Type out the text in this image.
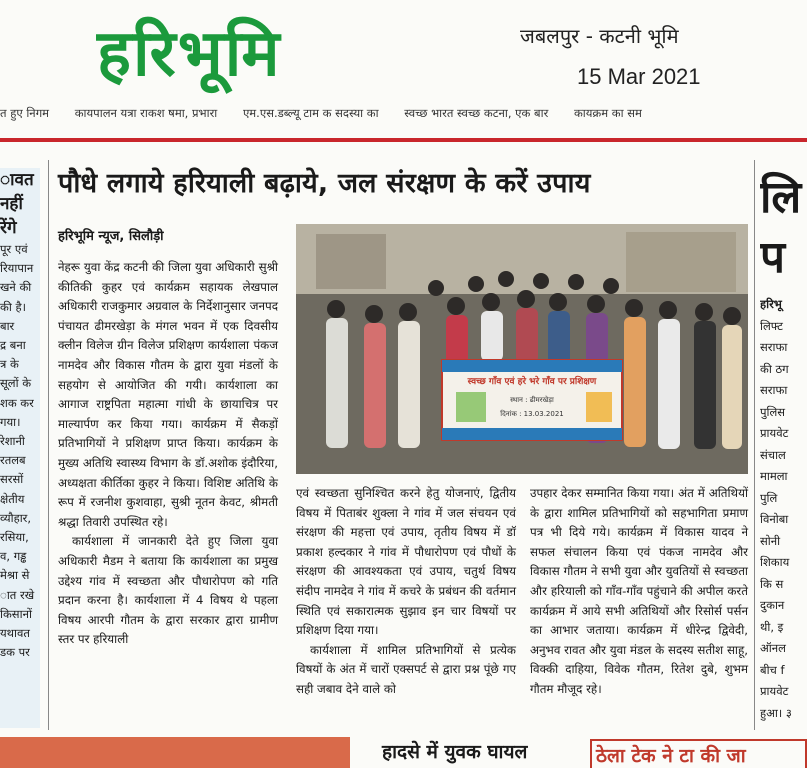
हरिभूमि	जबलपुर - कटनी भूमि
15 Mar 2021
त हुए निगम कायपालन यत्रा राकश षमा, प्रभारा एम.एस.डब्ल्यू टाम क सदस्या का स्वच्छ भारत स्वच्छ कटना, एक बार कायक्रम का सम
ावत
नहीं
रेंगे
पूर एवं
रियापान
खने की
की है।
बार
द्र बना
त्र के
सूलों के
शक कर
गया।
रेशानी
रतलब
सरसों
क्षेतीय
व्यौहार,
रसिया,
व, गड्ढ
मेश्रा से
ात रखे
किसानों
यथावत
डक पर
पौधे लगाये हरियाली बढ़ाये, जल संरक्षण के करें उपाय
हरिभूमि न्यूज, सिलौड़ी

नेहरू युवा केंद्र कटनी की जिला युवा अधिकारी सुश्री कीतिकी कुहर एवं कार्यक्रम सहायक लेखपाल अधिकारी राजकुमार अग्रवाल के निर्देशानुसार जनपद पंचायत ढीमरखेड़ा के मंगल भवन में एक दिवसीय क्लीन विलेज ग्रीन विलेज प्रशिक्षण कार्यशाला पंकज नामदेव और विकास गौतम के द्वारा युवा मंडलों के सहयोग से आयोजित की गयी। कार्यशाला का आगाज राष्ट्रपिता महात्मा गांधी के छायाचित्र पर माल्यार्पण कर किया गया। कार्यक्रम में सैकड़ों प्रतिभागियों ने प्रशिक्षण प्राप्त किया। कार्यक्रम के मुख्य अतिथि स्वास्थ्य विभाग के डॉ.अशोक इंदौरिया, अध्यक्षता कीर्तिका कुहर ने किया। विशिष्ट अतिथि के रूप में रजनीश कुशवाहा, सुश्री नूतन केवट, श्रीमती श्रद्धा तिवारी उपस्थित रहे।

कार्यशाला में जानकारी देते हुए जिला युवा अधिकारी मैडम ने बताया कि कार्यशाला का प्रमुख उद्देश्य गांव में स्वच्छता और पौधारोपण को गति प्रदान करना है। कार्यशाला में 4 विषय थे पहला विषय आरपी गौतम के द्वारा सरकार द्वारा ग्रामीण स्तर पर हरियाली

स्वच्छ गाँव एवं हरे भरे गाँव पर प्रशिक्षण
स्थान : ढीमरखेड़ा
दिनांक : 13.03.2021

एवं स्वच्छता सुनिश्चित करने हेतु योजनाएं, द्वितीय विषय में पिताबंर शुक्ला ने गांव में जल संचयन एवं संरक्षण की महत्ता एवं उपाय, तृतीय विषय में डॉ प्रकाश हल्दकार ने गांव में पौधारोपण एवं पौधों के संरक्षण की आवश्यकता एवं उपाय, चतुर्थ विषय संदीप नामदेव ने गांव में कचरे के प्रबंधन की वर्तमान स्थिति एवं सकारात्मक सुझाव इन चार विषयों पर प्रशिक्षण दिया गया।

कार्यशाला में शामिल प्रतिभागियों से प्रत्येक विषयों के अंत में चारों एक्सपर्ट से द्वारा प्रश्न पूंछे गए सही जबाव देने वाले को

उपहार देकर सम्मानित किया गया। अंत में अतिथियों के द्वारा शामिल प्रतिभागियों को सहभागिता प्रमाण पत्र भी दिये गये। कार्यक्रम में विकास यादव ने सफल संचालन किया एवं पंकज नामदेव और विकास गौतम ने सभी युवा और युवतियों से स्वच्छता और हरियाली को गाँव-गाँव पहुंचाने की अपील करते कार्यक्रम में आये सभी अतिथियों और रिसोर्स पर्सन का आभार जताया। कार्यक्रम में धीरेन्द्र द्विवेदी, अनुभव रावत और युवा मंडल के सदस्य सतीश साहू, विक्की दाहिया, विवेक गौतम, रितेश दुबे, शुभम गौतम मौजूद रहे।

लि
प
हरिभू
लिफ्ट
सराफा
की ठग
सराफा
पुलिस
प्रायवेट
संचाल
मामला
पुलि
विनोबा
सोनी
शिकाय
कि स
दुकान
थी, इ
ऑनल
बीच f
प्रायवेट
हुआ। ३
हादसे में युवक घायल	ठेला टेक ने टा की जा
